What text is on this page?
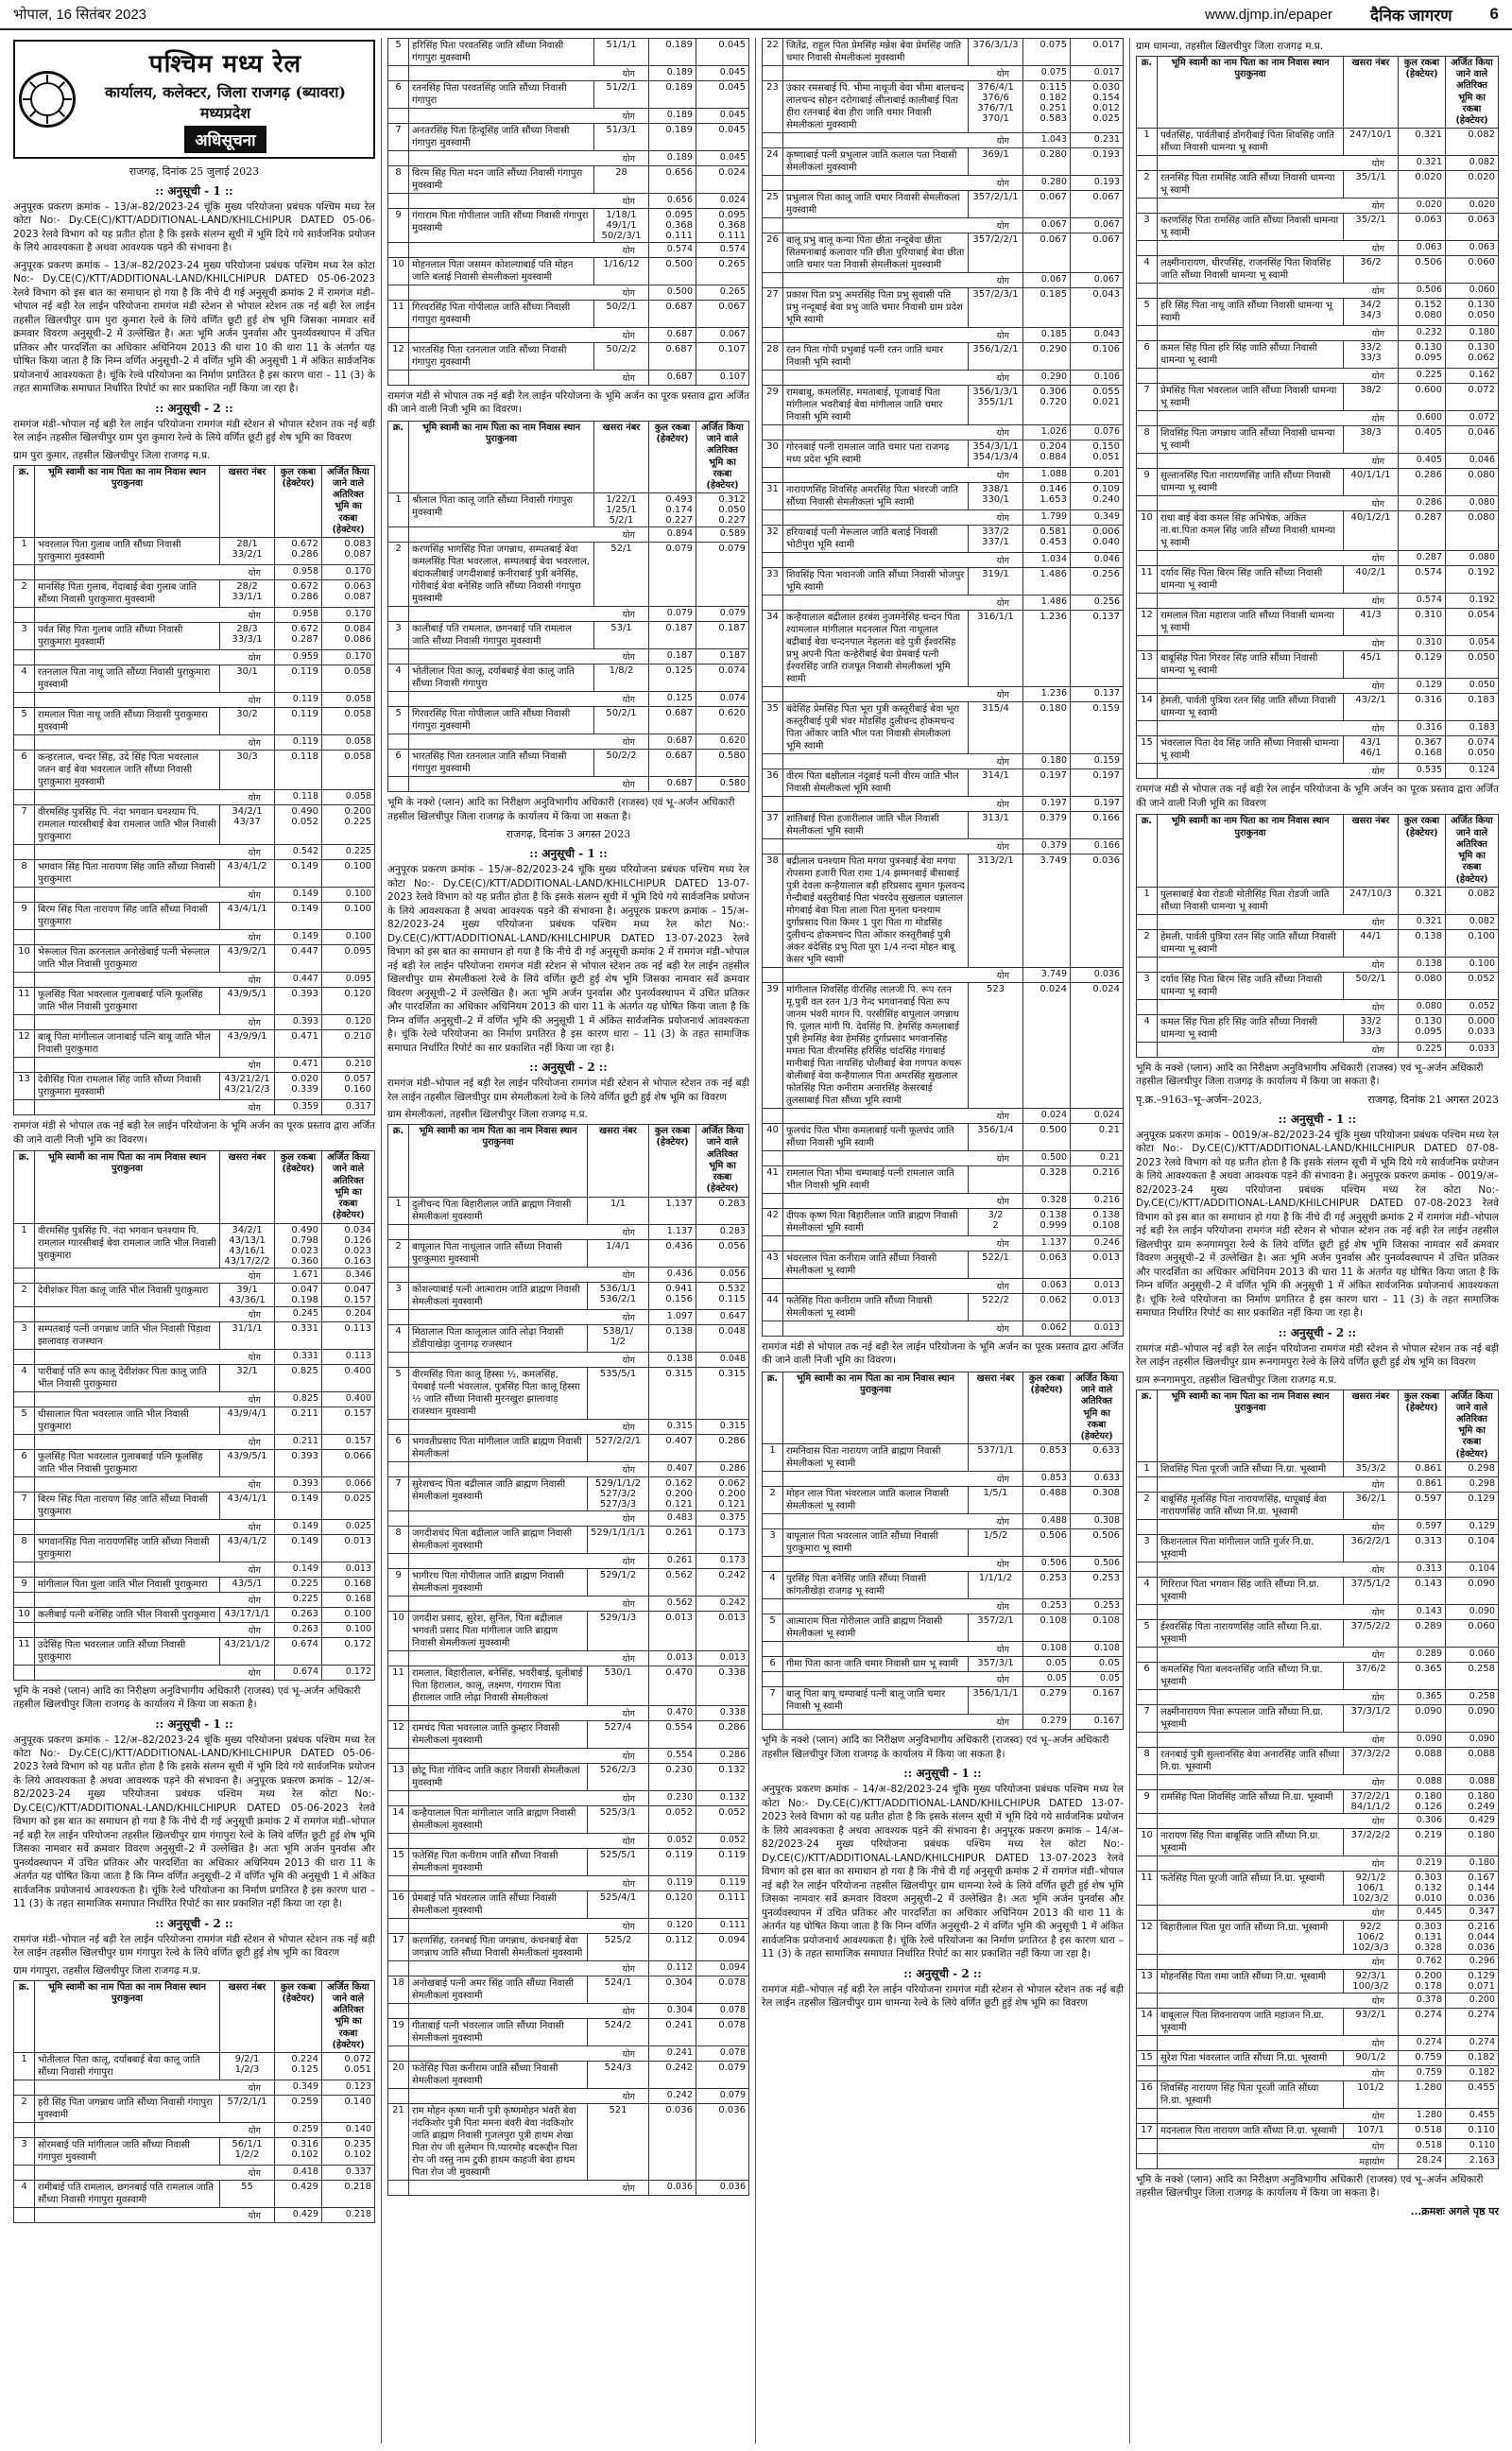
भोपाल, 16 सितंबर 2023	www.djmp.in/epaper दैनिक जागरण 6
पश्चिम मध्य रेल
कार्यालय, कलेक्टर, जिला राजगढ़ (ब्यावरा) मध्यप्रदेश
अधिसूचना
राजगढ़, दिनांक 25 जुलाई 2023
:: अनुसूची - 1 ::

अनुपूरक प्रकरण क्रमांक – 13/अ–82/2023-24 चूंकि मुख्य परियोजना प्रबंधक पश्चिम मध्य रेल कोटा No:- Dy.CE(C)/KTT/ADDITIONAL-LAND/KHILCHIPUR DATED 05-06-2023 रेलवे विभाग को यह प्रतीत होता है कि इसके संलग्न सूची में भूमि दिये गये सार्वजनिक प्रयोजन के लिये आवश्यकता है अथवा आवश्यक पड़ने की संभावना है।

अनुपूरक प्रकरण क्रमांक – 13/अ–82/2023-24 मुख्य परियोजना प्रबंधक पश्चिम मध्य रेल कोटा No:- Dy.CE(C)/KTT/ADDITIONAL-LAND/KHILCHIPUR DATED 05-06-2023 रेलवे विभाग को इस बात का समाधान हो गया है कि नीचे दी गई अनुसूची क्रमांक 2 में रामगंज मंडी–भोपाल नई बड़ी रेल लाईन परियोजना रामगंज मंडी स्टेशन से भोपाल स्टेशन तक नई बड़ी रेल लाईन तहसील खिलचीपुर ग्राम पुरा कुमारा रेल्वे के लिये वर्णित छूटी हुई शेष भूमि जिसका नामवार सर्वे क्रमवार विवरण अनुसूची–2 में उल्लेखित है। अतः भूमि अर्जन पुनर्वास और पुनर्व्यवस्थापन में उचित प्रतिकर और पारदर्शिता का अधिकार अधिनियम 2013 की धारा 10 की धारा 11 के अंतर्गत यह घोषित किया जाता है कि निम्न वर्णित अनुसूची–2 में वर्णित भूमि की अनुसूची 1 में अंकित सार्वजनिक प्रयोजनार्थ आवश्यकता है। चूंकि रेल्वे परियोजना का निर्माण प्रगतिरत है इस कारण धारा – 11 (3) के तहत सामाजिक समाघात निर्धारित रिपोर्ट का सार प्रकाशित नहीं किया जा रहा है।

:: अनुसूची - 2 ::

रामगंज मंडी–भोपाल नई बड़ी रेल लाईन परियोजना रामगंज मंडी स्टेशन से भोपाल स्टेशन तक नई बड़ी रेल लाईन तहसील खिलचीपुर ग्राम पुरा कुमारा रेल्वे के लिये वर्णित छूटी हुई शेष भूमि का विवरण

ग्राम पुरा कुमार, तहसील खिलचीपुर जिला राजगढ़ म.प्र.
क्र.	भूमि स्वामी का नाम पिता का नाम निवास स्थान पुराकुनवा	खसरा नंबर	कुल रकबा (हेक्टेयर)	अर्जित किया जाने वाले अतिरिक्त भूमि का रकबा (हेक्टेयर)
1	भवरलाल पिता गुलाब जाति सौंध्या निवासी पुराकुमारा मुवस्वामी	28/1
33/2/1	0.672
0.286	0.083
0.087
	योग		0.958	0.170
2	मानसिंह पिता गुलाब, गेंदाबाई बेवा गुलाब जाति सौंध्या निवासी पुराकुमारा मुवस्वामी	28/2
33/1/1	0.672
0.286	0.063
0.087
	योग		0.958	0.170
3	पर्वत सिंह पिता गुलाब जाति सौंध्या निवासी पुराकुमारा मुवस्वामी	28/3
33/3/1	0.672
0.287	0.084
0.086
	योग		0.959	0.170
4	रतनलाल पिता नाथू जाति सौंध्या निवासी पुराकुमारा मुवस्वामी	30/1	0.119	0.058
	योग		0.119	0.058
5	रामलाल पिता नाथू जाति सौंध्या निवासी पुराकुमारा मुवस्वामी	30/2	0.119	0.058
	योग		0.119	0.058
6	कन्हरलाल, चन्दर सिंह, उदे सिंह पिता भवरलाल जतन बाई बेवा भवरलाल जाति सौंध्या निवासी पुराकुमारा मुवस्वामी	30/3	0.118	0.058
	योग		0.118	0.058
7	वीरमसिंह पुत्रसिंह पि. नंदा भगवान घनश्याम पि. रामलाल ग्यारसीबाई बेवा रामलाल जाति भील निवासी पुराकुमारा	34/2/1
43/37	0.490
0.052	0.200
0.225
	योग		0.542	0.225
8	भगवान सिंह पिता नारायण सिंह जाति सौंध्या निवासी पुराकुमारा	43/4/1/2	0.149	0.100
	योग		0.149	0.100
9	बिरम सिंह पिता नारायण सिंह जाति सौंध्या निवासी पुराकुमारा	43/4/1/1	0.149	0.100
	योग		0.149	0.100
10	भेरूलाल पिता करनलाल अनोखेबाई पत्नी भेरूलाल जाति भील निवासी पुराकुमारा	43/9/2/1	0.447	0.095
	योग		0.447	0.095
11	फूलसिंह पिता भवरलाल गुलाबबाई पत्नि फूलसिंह जाति भील निवासी पुराकुमारा	43/9/5/1	0.393	0.120
	योग		0.393	0.120
12	बाबू पिता मांगीलाल जानाबाई पत्नि बाबू जाति भील निवासी पुराकुमारा	43/9/9/1	0.471	0.210
	योग		0.471	0.210
13	देवीसिंह पिता रामलाल सिंह जाति सौंध्या निवासी पुराकुमारा मुवस्वामी	43/21/2/1
43/21/2/3	0.020
0.339	0.057
0.160
	योग		0.359	0.317

रामगंज मंडी से भोपाल तक नई बड़ी रेल लाईन परियोजना के भूमि अर्जन का पूरक प्रस्ताव द्वारा अर्जित की जाने वाली निजी भूमि का विवरण।

क्र.	भूमि स्वामी का नाम पिता का नाम निवास स्थान पुराकुनवा	खसरा नंबर	कुल रकबा (हेक्टेयर)	अर्जित किया जाने वाले अतिरिक्त भूमि का रकबा (हेक्टेयर)
1	वीरमसिंह पुत्रसिंह पि. नंदा भगवान घनश्याम पि. रामलाल ग्यारसीबाई बेवा रामलाल जाति भील निवासी पुराकुमारा	34/2/1
43/13/1
43/16/1
43/17/2/2	0.490
0.798
0.023
0.360	0.034
0.126
0.023
0.163
	योग		1.671	0.346
2	देवीशंकर पिता कालू जाति भील निवासी पुराकुमारा	39/1
43/36/1	0.047
0.198	0.047
0.157
	योग		0.245	0.204
3	सम्पतबाई पत्नी जगन्नाथ जाति भील निवासी पिड़ावा झालावाड़ राजस्थान	31/1/1	0.331	0.113
	योग		0.331	0.113
4	पारीबाई पति रूप कालू देवीशंकर पिता कालू जाति भील निवासी पुराकुमारा	32/1	0.825	0.400
	योग		0.825	0.400
5	धीसालाल पिता भवरलाल जाति भील निवासी पुराकुमारा	43/9/4/1	0.211	0.157
	योग		0.211	0.157
6	फूलसिंह पिता भवरलाल गुलाबबाई पत्नि फूलसिंह जाति भील निवासी पुराकुमारा	43/9/5/1	0.393	0.066
	योग		0.393	0.066
7	बिरम सिंह पिता नारायण सिंह जाति सौंध्या निवासी पुराकुमारा	43/4/1/1	0.149	0.025
	योग		0.149	0.025
8	भगवानसिंह पिता नारायणसिंह जाति सौंध्या निवासी पुराकुमारा	43/4/1/2	0.149	0.013
	योग		0.149	0.013
9	मांगीलाल पिता घुला जाति भील निवासी पुराकुमारा	43/5/1	0.225	0.168
	योग		0.225	0.168
10	कलीबाई पत्नी बनेसिंह जाति भील निवासी पुराकुमारा	43/17/1/1	0.263	0.100
	योग		0.263	0.100
11	उदेसिंह पिता भवरलाल जाति सौंध्या निवासी पुराकुमारा	43/21/1/2	0.674	0.172
	योग		0.674	0.172

भूमि के नक्शे (प्लान) आदि का निरीक्षण अनुविभागीय अधिकारी (राजस्व) एवं भू–अर्जन अधिकारी तहसील खिलचीपुर जिला राजगढ़ के कार्यालय में किया जा सकता है।

:: अनुसूची - 1 ::

अनुपूरक प्रकरण क्रमांक – 12/अ–82/2023-24 चूंकि मुख्य परियोजना प्रबंधक पश्चिम मध्य रेल कोटा No:- Dy.CE(C)/KTT/ADDITIONAL-LAND/KHILCHIPUR DATED 05-06-2023 रेलवे विभाग को यह प्रतीत होता है कि इसके संलग्न सूची में भूमि दिये गये सार्वजनिक प्रयोजन के लिये आवश्यकता है अथवा आवश्यक पड़ने की संभावना है। अनुपूरक प्रकरण क्रमांक – 12/अ–82/2023-24 मुख्य परियोजना प्रबंधक पश्चिम मध्य रेल कोटा No:- Dy.CE(C)/KTT/ADDITIONAL-LAND/KHILCHIPUR DATED 05-06-2023 रेलवे विभाग को इस बात का समाधान हो गया है कि नीचे दी गई अनुसूची क्रमांक 2 में रामगंज मंडी–भोपाल नई बड़ी रेल लाईन परियोजना तहसील खिलचीपुर ग्राम गंगापुरा रेल्वे के लिये वर्णित छूटी हुई शेष भूमि जिसका नामवार सर्वे क्रमवार विवरण अनुसूची–2 में उल्लेखित है। अतः भूमि अर्जन पुनर्वास और पुनर्व्यवस्थापन में उचित प्रतिकर और पारदर्शिता का अधिकार अधिनियम 2013 की धारा 11 के अंतर्गत यह घोषित किया जाता है कि निम्न वर्णित अनुसूची–2 में वर्णित भूमि की अनुसूची 1 में अंकित सार्वजनिक प्रयोजनार्थ आवश्यकता है। चूंकि रेल्वे परियोजना का निर्माण प्रगतिरत है इस कारण धारा – 11 (3) के तहत सामाजिक समाघात निर्धारित रिपोर्ट का सार प्रकाशित नहीं किया जा रहा है।

:: अनुसूची - 2 ::

रामगंज मंडी–भोपाल नई बड़ी रेल लाईन परियोजना रामगंज मंडी स्टेशन से भोपाल स्टेशन तक नई बड़ी रेल लाईन तहसील खिलचीपुर ग्राम गंगापुरा रेल्वे के लिये वर्णित छूटी हुई शेष भूमि का विवरण

ग्राम गंगापुरा, तहसील खिलचीपुर जिला राजगढ़ म.प्र.
क्र.	भूमि स्वामी का नाम पिता का नाम निवास स्थान पुराकुनवा	खसरा नंबर	कुल रकबा (हेक्टेयर)	अर्जित किया जाने वाले अतिरिक्त भूमि का रकबा (हेक्टेयर)
1	भोतीलाल पिता कालू, दर्याबबाई बेवा कालू जाति सौंध्या निवासी गंगापुरा	9/2/1
1/2/3	0.224
0.125	0.072
0.051
	योग		0.349	0.123
2	हरी सिंह पिता जगन्नाथ जाति सौंध्या निवासी गंगापुरा मुवस्वामी	57/2/1/1	0.259	0.140
	योग		0.259	0.140
3	सोरमबाई पति मांगीलाल जाति सौंध्या निवासी गंगापुरा मुवस्वामी	56/1/1
1/2/2	0.316
0.102	0.235
0.102
	योग		0.418	0.337
4	रामीबाई पति रामलाल, छगनबाई पति रामलाल जाति सौंध्या निवासी गंगापुरा मुवस्वामी	55	0.429	0.218
	योग		0.429	0.218
5	हरिसिंह पिता परवतसिंह जाति सौंध्या निवासी गंगापुरा मुवस्वामी	51/1/1	0.189	0.045
	योग		0.189	0.045
6	रतनसिंह पिता परवतसिंह जाति सौंध्या निवासी गंगापुरा	51/2/1	0.189	0.045
	योग		0.189	0.045
7	अनतरसिंह पिता हिन्दूसिंह जाति सौंध्या निवासी गंगापुरा मुवस्वामी	51/3/1	0.189	0.045
	योग		0.189	0.045
8	विरम सिंह पिता मदन जाति सौंध्या निवासी गंगापुरा मुवस्वामी	28	0.656	0.024
	योग		0.656	0.024
9	गंगाराम पिता गोपीलाल जाति सौंध्या निवासी गंगापुरा मुवस्वामी	1/18/1
49/1/1
50/2/3/1	0.095
0.368
0.111	0.095
0.368
0.111
	योग		0.574	0.574
10	मोहनलाल पिता जसमन कोशल्याबाई पति मोहन जाति बलाई निवासी सेमलीकलां मुवस्वामी	1/16/12	0.500	0.265
	योग		0.500	0.265
11	गिरवरसिंह पिता गोपीलाल जाति सौंध्या निवासी गंगापुरा मुवस्वामी	50/2/1	0.687	0.067
	योग		0.687	0.067
12	भारतसिंह पिता रतनलाल जाति सौंध्या निवासी गंगापुरा मुवस्वामी	50/2/2	0.687	0.107
	योग		0.687	0.107

रामगंज मंडी से भोपाल तक नई बड़ी रेल लाईन परियोजना के भूमि अर्जन का पूरक प्रस्ताव द्वारा अर्जित की जाने वाली निजी भूमि का विवरण।

क्र.	भूमि स्वामी का नाम पिता का नाम निवास स्थान पुराकुनवा	खसरा नंबर	कुल रकबा (हेक्टेयर)	अर्जित किया जाने वाले अतिरिक्त भूमि का रकबा (हेक्टेयर)
1	श्रीलाल पिता कालू जाति सौंध्या निवासी गंगापुरा मुवस्वामी	1/22/1
1/25/1
5/2/1	0.493
0.174
0.227	0.312
0.050
0.227
	योग		0.894	0.589
2	करणसिंह भागसिंह पिता जगन्नाथ, सम्पतबाई बेवा कमलसिंह पिता भवरलाल, सम्पतबाई बेवा भवरलाल, बंदाकलीबाई जगदीशबाई कनीराबाई पुत्री बनेसिंह, गोरीबाई बेवा बनेसिंह जाति सौंध्या निवासी गंगापुरा मुवस्वामी	52/1	0.079	0.079
	योग		0.079	0.079
3	कालीबाई पति रामलाल, छगनबाई पति रामलाल जाति सौंध्या निवासी गंगापुरा मुवस्वामी	53/1	0.187	0.187
	योग		0.187	0.187
4	भोतीलाल पिता कालू, दर्याबबाई बेवा कालू जाति सौंध्या निवासी गंगापुरा	1/8/2	0.125	0.074
	योग		0.125	0.074
5	गिरवरसिंह पिता गोपीलाल जाति सौंध्या निवासी गंगापुरा मुवस्वामी	50/2/1	0.687	0.620
	योग		0.687	0.620
6	भारतसिंह पिता रतनलाल जाति सौंध्या निवासी गंगापुरा मुवस्वामी	50/2/2	0.687	0.580
	योग		0.687	0.580

भूमि के नक्शे (प्लान) आदि का निरीक्षण अनुविभागीय अधिकारी (राजस्व) एवं भू–अर्जन अधिकारी तहसील खिलचीपुर जिला राजगढ़ के कार्यालय में किया जा सकता है।

राजगढ़, दिनांक 3 अगस्त 2023
:: अनुसूची - 1 ::

अनुपूरक प्रकरण क्रमांक – 15/अ–82/2023-24 चूंकि मुख्य परियोजना प्रबंधक पश्चिम मध्य रेल कोटा No:- Dy.CE(C)/KTT/ADDITIONAL-LAND/KHILCHIPUR DATED 13-07-2023 रेलवे विभाग को यह प्रतीत होता है कि इसके संलग्न सूची में भूमि दिये गये सार्वजनिक प्रयोजन के लिये आवश्यकता है अथवा आवश्यक पड़ने की संभावना है। अनुपूरक प्रकरण क्रमांक – 15/अ–82/2023-24 मुख्य परियोजना प्रबंधक पश्चिम मध्य रेल कोटा No:- Dy.CE(C)/KTT/ADDITIONAL-LAND/KHILCHIPUR DATED 13-07-2023 रेलवे विभाग को इस बात का समाधान हो गया है कि नीचे दी गई अनुसूची क्रमांक 2 में रामगंज मंडी–भोपाल नई बड़ी रेल लाईन परियोजना रामगंज मंडी स्टेशन से भोपाल स्टेशन तक नई बड़ी रेल लाईन तहसील खिलचीपुर ग्राम सेमलीकलां रेल्वे के लिये वर्णित छूटी हुई शेष भूमि जिसका नामवार सर्वे क्रमवार विवरण अनुसूची–2 में उल्लेखित है। अतः भूमि अर्जन पुनर्वास और पुनर्व्यवस्थापन में उचित प्रतिकर और पारदर्शिता का अधिकार अधिनियम 2013 की धारा 11 के अंतर्गत यह घोषित किया जाता है कि निम्न वर्णित अनुसूची–2 में वर्णित भूमि की अनुसूची 1 में अंकित सार्वजनिक प्रयोजनार्थ आवश्यकता है। चूंकि रेल्वे परियोजना का निर्माण प्रगतिरत है इस कारण धारा – 11 (3) के तहत सामाजिक समाघात निर्धारित रिपोर्ट का सार प्रकाशित नहीं किया जा रहा है।

:: अनुसूची - 2 ::

रामगंज मंडी–भोपाल नई बड़ी रेल लाईन परियोजना रामगंज मंडी स्टेशन से भोपाल स्टेशन तक नई बड़ी रेल लाईन तहसील खिलचीपुर ग्राम सेमलीकलां रेल्वे के लिये वर्णित छूटी हुई शेष भूमि का विवरण

ग्राम सेमलीकलां, तहसील खिलचीपुर जिला राजगढ़ म.प्र.
क्र.	भूमि स्वामी का नाम पिता का नाम निवास स्थान पुराकुनवा	खसरा नंबर	कुल रकबा (हेक्टेयर)	अर्जित किया जाने वाले अतिरिक्त भूमि का रकबा (हेक्टेयर)
1	दुलीचन्द पिता बिहारीलाल जाति ब्राह्मण निवासी सेमलीकलां मुवस्वामी	1/1	1.137	0.283
	योग		1.137	0.283
2	बापूलाल पिता नाथूलाल जाति सौंध्या निवासी पुराकुमारा मुवस्वामी	1/4/1	0.436	0.056
	योग		0.436	0.056
3	कोशल्याबाई पत्नी आत्माराम जाति ब्राह्मण निवासी सेमलीकलां मुवस्वामी	536/1/1
536/2/1	0.941
0.156	0.532
0.115
	योग		1.097	0.647
4	मिठालाल पिता कालूलाल जाति लोढ़ा निवासी डोंडीयाखेड़ा जुनागढ़ राजस्थान	538/1/
1/2	0.138	0.048
	योग		0.138	0.048
5	वीरमसिंह पिता कालू हिस्सा ½, कमलसिंह, पेमबाई पत्नी भंवरलाल, पुत्रसिंह पिता कालू हिस्सा ½ जाति सौंध्या निवासी मुरनखुरा झालावाड़ राजस्थान मुवस्वामी	535/5/1	0.315	0.315
	योग		0.315	0.315
6	भगवतीप्रसाद पिता मांगीलाल जाति ब्राह्मण निवासी सेमलीकलां	527/2/2/1	0.407	0.286
	योग		0.407	0.286
7	सुरेशचन्द पिता बद्रीलाल जाति ब्राह्मण निवासी सेमलीकलां मुवस्वामी	529/1/1/2
527/3/2
527/3/3	0.162
0.200
0.121	0.062
0.200
0.121
	योग		0.483	0.375
8	जगदीशचंद पिता बद्रीलाल जाति ब्राह्मण निवासी सेमलीकलां मुवस्वामी	529/1/1/1/1	0.261	0.173
	योग		0.261	0.173
9	भागीरथ पिता गोपीलाल जाति ब्राह्मण निवासी सेमलीकलां मुवस्वामी	529/1/2	0.562	0.242
	योग		0.562	0.242
10	जगदीश प्रसाद, सुरेश, सुनिल, पिता बद्रीलाल भगवती प्रसाद पिता मांगीलाल जाति ब्राह्मण निवासी सेमलीकलां मुवस्वामी	529/1/3	0.013	0.013
	योग		0.013	0.013
11	रामलाल, बिहारीलाल, बनेसिंह, भवरीबाई, धूलीबाई पिता हिरालाल, कालू, लक्ष्मण, गंगाराम पिता हीरालाल जाति लोढ़ा निवासी सेमलीकलां	530/1	0.470	0.338
	योग		0.470	0.338
12	रामचंद पिता भवरलाल जाति कुम्हार निवासी सेमलीकलां मुवस्वामी	527/4	0.554	0.286
	योग		0.554	0.286
13	छोटू पिता गोविन्द जाति कहार निवासी सेमलीकलां मुवस्वामी	526/2/3	0.230	0.132
	योग		0.230	0.132
14	कन्हैयालाल पिता मांगीलाल जाति ब्राह्मण निवासी सेमलीकलां मुवस्वामी	525/3/1	0.052	0.052
	योग		0.052	0.052
15	फतेसिंह पिता कनीराम जाति सौंध्या निवासी सेमलीकलां मुवस्वामी	525/5/1	0.119	0.119
	योग		0.119	0.119
16	प्रेमबाई पति भंवरलाल जाति सौंध्या निवासी सेमलीकलां मुवस्वामी	525/4/1	0.120	0.111
	योग		0.120	0.111
17	करणसिंह, रतनबाई पिता जगन्नाथ, कंचनबाई बेवा जगन्नाथ जाति सौंध्या निवासी सेमलीकलां मुवस्वामी	525/2	0.112	0.094
	योग		0.112	0.094
18	अनोखबाई पत्नी अमर सिंह जाति सौंध्या निवासी सेमलीकलां मुवस्वामी	524/1	0.304	0.078
	योग		0.304	0.078
19	गीताबाई पत्नी भंवरलाल जाति सौंध्या निवासी सेमलीकलां मुवस्वामी	524/2	0.241	0.078
	योग		0.241	0.078
20	फतेसिंह पिता कनीराम जाति सौंध्या निवासी सेमलीकलां मुवस्वामी	524/3	0.242	0.079
	योग		0.242	0.079
21	राम मोहन कृष्ण मानी पुत्री कृष्णमोहन भंवरी बेवा नंदकिशोर पुत्री पिता ममना बंवरी बेवा नंदकिशोर जाति ब्राह्मण निवासी गुजलपुरा पुत्री हाथम शेखा पिता रोप जी सुलेमान पि.प्यारमोह बदरूद्दीन पिता रोप जी वस्तु नाम टुकी हाथम काहजी बेवा हाथम पिता रोज जी मुवस्वामी	521	0.036	0.036
	योग		0.036	0.036
22	जितेंद्र, राहुल पिता प्रेमसिंह मन्नेश बेवा प्रेमसिंह जाति चमार निवासी सेमलीकलां मुवस्वामी	376/3/1/3	0.075	0.017
	योग		0.075	0.017
23	उंकार रमसबाई पि. भीमा नाथूजी बेवा भीमा बालचन्द लालचन्द सोहन दरोगाबाई लीलाबाई कालीबाई पिता हीरा रतनबाई बेवा हीरा जाति चमार निवासी सेमलीकलां मुवस्वामी	376/4/1
376/6
376/7/1
370/1	0.115
0.182
0.251
0.583	0.030
0.154
0.012
0.025
	योग		1.043	0.231
24	कृष्णाबाई पत्नी प्रभुलाल जाति कलाल पता निवासी सेमलीकलां मुवस्वामी	369/1	0.280	0.193
	योग		0.280	0.193
25	प्रभुलाल पिता कालू जाति चमार निवासी सेमलीकलां मुवस्वामी	357/2/1/1	0.067	0.067
	योग		0.067	0.067
26	बालू प्रभु बालू कन्या पिता छीता नन्दूबेवा छीता सितमनाबाई कलावार पति छीता पुरियाबाई बेवा छीता जाति चमार पता निवासी सेमलीकलां मुवस्वामी	357/2/2/1	0.067	0.067
	योग		0.067	0.067
27	प्रकाश पिता प्रभु अमरसिंह पिता प्रभु सुवासी पति प्रभु नन्दूबाई बेवा प्रभु जाति चमार निवासी ग्राम प्रदेश भूमि स्वामी	357/2/3/1	0.185	0.043
	योग		0.185	0.043
28	रतन पिता गोपी प्रभुबाई पत्नी रतन जाति चमार निवासी भूमि स्वामी	356/1/2/1	0.290	0.106
	योग		0.290	0.106
29	रामबाबू, कमलसिंह, ममताबाई, पूजाबाई पिता मांगीलाल भवरीबाई बेवा मांगीलाल जाति चमार निवासी भूमि स्वामी	356/1/3/1
355/1/1	0.306
0.720	0.055
0.021
	योग		1.026	0.076
30	गोरनबाई पत्नी रामलाल जाति चमार पता राजगढ़ मध्य प्रदेश भूमि स्वामी	354/3/1/1
354/1/3/4	0.204
0.884	0.150
0.051
	योग		1.088	0.201
31	नारायणसिंह शिवसिंह अमरसिंह पिता भंवरजी जाति सौंध्या निवासी सेमलीकलां भूमि स्वामी	338/1
330/1	0.146
1.653	0.109
0.240
	योग		1.799	0.349
32	हरियाबाई पत्नी मेरूलाल जाति बलाई निवासी भोटीपुरा भूमि स्वामी	337/2
337/1	0.581
0.453	0.006
0.040
	योग		1.034	0.046
33	शिवसिंह पिता भवानजी जाति सौंध्या निवासी भोजपुर भूमि स्वामी	319/1	1.486	0.256
	योग		1.486	0.256
34	कन्हैयालाल बद्रीलाल हरबंश नुजमनेसिंह चन्दन पिता श्यामलाल मांगीलाल मदनलाल पिता नाथूलाल बद्रीबाई बेवा चन्दनपाल नेहलता बड़े पुत्री ईश्वरसिंह प्रभु अपनी पिता कन्हेरीबाई बेवा प्रेमबाई पत्नी ईश्वरसिंह जाति राजपूत निवासी सेमलीकलां भूमि स्वामी	316/1/1	1.236	0.137
	योग		1.236	0.137
35	बंदेसिंह प्रेमसिंह पिता भूरा पुत्री कस्तूरीबाई बेवा भूरा कस्तूरीबाई पुत्री भंवर मोडसिंह दुलीचन्द होकमचन्द पिता ओंकार जाति भील पता निवासी सेमलीकलां भूमि स्वामी	315/4	0.180	0.159
	योग		0.180	0.159
36	वीरम पिता बक्षीलाल नंदूबाई पत्नी वीरम जाति भील निवासी सेमलीकलां भूमि स्वामी	314/1	0.197	0.197
	योग		0.197	0.197
37	शांतिबाई पिता हजारीलाल जाति भील निवासी सेमलीकलां भूमि स्वामी	313/1	0.379	0.166
	योग		0.379	0.166
38	बद्रीलाल घनश्याम पिता मगया पुत्रनबाई बेवा मगया रोपसमा हजारी पिता रामा 1/4 झम्मनबाई बीसाबाई पुत्री देवला कन्हैयालाल बड़ी हरिप्रसाद सुमान फूलवन्द गेन्दीबाई बस्तुरीबाई पिता भंवरदेव सुखलाल धन्नालाल मोगबाई बेवा पिता लाला पिता मुनला घनश्याम दुर्गाप्रसाद पिता किमर 1 पुरा पिता गा मोडसिंह दुलीचन्द होकमचन्द पिता ओंकार कस्तूरीबाई पुत्री अंकर बंदेसिंह प्रभु पिता पूरा 1/4 नन्दा मोहन बाबू केसर भूमि स्वामी	313/2/1	3.749	0.036
	योग		3.749	0.036
39	मांगीलाल शिवसिंह वीरसिंह लालजी पि. रूप रतन मू.पुत्री वल रतन 1/3 गेन्द भगवानबाई पिता रूप जानम भंवरी मागन पि. परसीसिंह बापूलाल जगन्नाथ पि. पूलाल मांगी पि. देवसिंह पि. हेमसिंह कमलाबाई पुत्री हेमसिंह बेवा हेमसिंह दुर्गाप्रसाद भगवानसिंह ममता पिता वीरमसिंह हरिसिंह चांदसिंह गंगाबाई मानीबाई पिता नायसिंह धोलीबाई बेवा गणपत कचरू बोलीबाई बेवा कन्हैयालाल पिता अमरसिंह सुखलाल फोतसिंह पिता कनीराम अनारसिंह केसरबाई तुलसाबाई पिता सौंध्या भूमि स्वामी	523	0.024	0.024
	योग		0.024	0.024
40	फूलचंद पिता भीमा कमलाबाई पत्नी फूलचंद जाति सौंध्या निवासी भूमि स्वामी	356/1/4	0.500	0.21
	योग		0.500	0.21
41	रामलाल पिता भीमा चम्पाबाई पत्नी रामलाल जाति भील निवासी भूमि स्वामी		0.328	0.216
	योग		0.328	0.216
42	दीपक कृष्ण पिता बिहारीलाल जाति ब्राह्मण निवासी सेमलीकलां भूमि स्वामी	3/2
2	0.138
0.999	0.138
0.108
	योग		1.137	0.246
43	भंवरलाल पिता कनीराम जाति सौंध्या निवासी सेमलीकलां भू स्वामी	522/1	0.063	0.013
	योग		0.063	0.013
44	फतेसिंह पिता कनीराम जाति सौंध्या निवासी सेमलीकलां भू स्वामी	522/2	0.062	0.013
	योग		0.062	0.013

रामगंज मंडी से भोपाल तक नई बड़ी रेल लाईन परियोजना के भूमि अर्जन का पूरक प्रस्ताव द्वारा अर्जित की जाने वाली निजी भूमि का विवरण।

क्र.	भूमि स्वामी का नाम पिता का नाम निवास स्थान पुराकुनवा	खसरा नंबर	कुल रकबा (हेक्टेयर)	अर्जित किया जाने वाले अतिरिक्त भूमि का रकबा (हेक्टेयर)
1	रामनिवास पिता नारायण जाति ब्राह्मण निवासी सेमलीकलां भू स्वामी	537/1/1	0.853	0.633
	योग		0.853	0.633
2	मोहन लाल पिता भंवरलाल जाति कलाल निवासी सेमलीकलां भू स्वामी	1/5/1	0.488	0.308
	योग		0.488	0.308
3	बापूलाल पिता भवरलाल जाति सौंध्या निवासी पुराकुमारा भू स्वामी	1/5/2	0.506	0.506
	योग		0.506	0.506
4	पुरसिंह पिता बनेसिंह जाति सौंध्या निवासी कांगलीखेड़ा राजगढ़ भू स्वामी	1/1/1/2	0.253	0.253
	योग		0.253	0.253
5	आत्माराम पिता गोरीलाल जाति ब्राह्मण निवासी सेमलीकलां भू स्वामी	357/2/1	0.108	0.108
	योग		0.108	0.108
6	गीमा पिता काना जाति चमार निवासी ग्राम भू स्वामी	357/3/1	0.05	0.05
	योग		0.05	0.05
7	बालू पिता बापू चम्पाबाई पत्नी बालू जाति चमार निवासी भू स्वामी	356/1/1/1	0.279	0.167
	योग		0.279	0.167

भूमि के नक्शे (प्लान) आदि का निरीक्षण अनुविभागीय अधिकारी (राजस्व) एवं भू–अर्जन अधिकारी तहसील खिलचीपुर जिला राजगढ़ के कार्यालय में किया जा सकता है।

:: अनुसूची - 1 ::

अनुपूरक प्रकरण क्रमांक – 14/अ–82/2023-24 चूंकि मुख्य परियोजना प्रबंधक पश्चिम मध्य रेल कोटा No:- Dy.CE(C)/KTT/ADDITIONAL-LAND/KHILCHIPUR DATED 13-07-2023 रेलवे विभाग को यह प्रतीत होता है कि इसके संलग्न सूची में भूमि दिये गये सार्वजनिक प्रयोजन के लिये आवश्यकता है अथवा आवश्यक पड़ने की संभावना है। अनुपूरक प्रकरण क्रमांक – 14/अ–82/2023-24 मुख्य परियोजना प्रबंधक पश्चिम मध्य रेल कोटा No:- Dy.CE(C)/KTT/ADDITIONAL-LAND/KHILCHIPUR DATED 13-07-2023 रेलवे विभाग को इस बात का समाधान हो गया है कि नीचे दी गई अनुसूची क्रमांक 2 में रामगंज मंडी–भोपाल नई बड़ी रेल लाईन परियोजना तहसील खिलचीपुर ग्राम धामन्या रेल्वे के लिये वर्णित छूटी हुई शेष भूमि जिसका नामवार सर्वे क्रमवार विवरण अनुसूची–2 में उल्लेखित है। अतः भूमि अर्जन पुनर्वास और पुनर्व्यवस्थापन में उचित प्रतिकर और पारदर्शिता का अधिकार अधिनियम 2013 की धारा 11 के अंतर्गत यह घोषित किया जाता है कि निम्न वर्णित अनुसूची–2 में वर्णित भूमि की अनुसूची 1 में अंकित सार्वजनिक प्रयोजनार्थ आवश्यकता है। चूंकि रेल्वे परियोजना का निर्माण प्रगतिरत है इस कारण धारा – 11 (3) के तहत सामाजिक समाघात निर्धारित रिपोर्ट का सार प्रकाशित नहीं किया जा रहा है।

:: अनुसूची - 2 ::

रामगंज मंडी–भोपाल नई बड़ी रेल लाईन परियोजना रामगंज मंडी स्टेशन से भोपाल स्टेशन तक नई बड़ी रेल लाईन तहसील खिलचीपुर ग्राम धामन्या रेल्वे के लिये वर्णित छूटी हुई शेष भूमि का विवरण

ग्राम धामन्या, तहसील खिलचीपुर जिला राजगढ़ म.प्र.
क्र.	भूमि स्वामी का नाम पिता का नाम निवास स्थान पुराकुनवा	खसरा नंबर	कुल रकबा (हेक्टेयर)	अर्जित किया जाने वाले अतिरिक्त भूमि का रकबा (हेक्टेयर)
1	पर्वतसिंह, पार्वतीबाई डोंगरीबाई पिता शिवसिंह जाति सौंध्या निवासी धामन्या भू स्वामी	247/10/1	0.321	0.082
	योग		0.321	0.082
2	रतनसिंह पिता रामसिंह जाति सौंध्या निवासी धामन्या भू स्वामी	35/1/1	0.020	0.020
	योग		0.020	0.020
3	करणसिंह पिता रामसिंह जाति सौंध्या निवासी धामन्या भू स्वामी	35/2/1	0.063	0.063
	योग		0.063	0.063
4	लक्ष्मीनारायण, धीरपसिंह, राजनसिंह पिता शिवसिंह जाति सौंध्या निवासी धामन्या भू स्वामी	36/2	0.506	0.060
	योग		0.506	0.060
5	हरि सिंह पिता नाथू जाति सौंध्या निवासी धामन्या भू स्वामी	34/2
34/3	0.152
0.080	0.130
0.050
	योग		0.232	0.180
6	कमल सिंह पिता हरि सिंह जाति सौंध्या निवासी धामन्या भू स्वामी	33/2
33/3	0.130
0.095	0.130
0.062
	योग		0.225	0.162
7	प्रेमसिंह पिता भंवरलाल जाति सौंध्या निवासी धामन्या भू स्वामी	38/2	0.600	0.072
	योग		0.600	0.072
8	शिवसिंह पिता जगन्नाथ जाति सौंध्या निवासी धामन्या भू स्वामी	38/3	0.405	0.046
	योग		0.405	0.046
9	सुल्तानसिंह पिता नारायणसिंह जाति सौंध्या निवासी धामन्या भू स्वामी	40/1/1/1	0.286	0.080
	योग		0.286	0.080
10	राधा बाई बेवा कमल सिंह अभिषेक, अंकित ना.बा.पिता कमल सिंह जाति सौंध्या निवासी धामन्या भू स्वामी	40/1/2/1	0.287	0.080
	योग		0.287	0.080
11	दर्याव सिंह पिता बिरम सिंह जाति सौंध्या निवासी धामन्या भू स्वामी	40/2/1	0.574	0.192
	योग		0.574	0.192
12	रामलाल पिता महाराज जाति सौंध्या निवासी धामन्या भू स्वामी	41/3	0.310	0.054
	योग		0.310	0.054
13	बाबूसिंह पिता गिरवर सिंह जाति सौंध्या निवासी धामन्या भू स्वामी	45/1	0.129	0.050
	योग		0.129	0.050
14	हेमली, पार्वती पुत्रिया रतन सिंह जाति सौंध्या निवासी धामन्या भू स्वामी	43/2/1	0.316	0.183
	योग		0.316	0.183
15	भंवरलाल पिता देव सिंह जाति सौंध्या निवासी धामन्या भू स्वामी	43/1
46/1	0.367
0.168	0.074
0.050
	योग		0.535	0.124

रामगंज मंडी से भोपाल तक नई बड़ी रेल लाईन परियोजना के भूमि अर्जन का पूरक प्रस्ताव द्वारा अर्जित की जाने वाली निजी भूमि का विवरण

क्र.	भूमि स्वामी का नाम पिता का नाम निवास स्थान पुराकुनवा	खसरा नंबर	कुल रकबा (हेक्टेयर)	अर्जित किया जाने वाले अतिरिक्त भूमि का रकबा (हेक्टेयर)
1	पुलसाबाई बेवा रोडजी मोतीसिंह पिता रोडजी जाति सौंध्या निवासी धामन्या भू स्वामी	247/10/3	0.321	0.082
	योग		0.321	0.082
2	हेमली, पार्वती पुत्रिया रतन सिंह जाति सौंध्या निवासी धामन्या भू स्वामी	44/1	0.138	0.100
	योग		0.138	0.100
3	दर्याव सिंह पिता बिरम सिंह जाति सौंध्या निवासी धामन्या भू स्वामी	50/2/1	0.080	0.052
	योग		0.080	0.052
4	कमल सिंह पिता हरि सिंह जाति सौंध्या निवासी धामन्या भू स्वामी	33/2
33/3	0.130
0.095	0.000
0.033
	योग		0.225	0.033

भूमि के नक्शे (प्लान) आदि का निरीक्षण अनुविभागीय अधिकारी (राजस्व) एवं भू–अर्जन अधिकारी तहसील खिलचीपुर जिला राजगढ़ के कार्यालय में किया जा सकता है।

पृ.क्र.–9163–भू–अर्जन–2023,	राजगढ़, दिनांक 21 अगस्त 2023
:: अनुसूची - 1 ::

अनुपूरक प्रकरण क्रमांक – 0019/अ–82/2023-24 चूंकि मुख्य परियोजना प्रबंधक पश्चिम मध्य रेल कोटा No:- Dy.CE(C)/KTT/ADDITIONAL-LAND/KHILCHIPUR DATED 07-08-2023 रेलवे विभाग को यह प्रतीत होता है कि इसके संलग्न सूची में भूमि दिये गये सार्वजनिक प्रयोजन के लिये आवश्यकता है अथवा आवश्यक पड़ने की संभावना है। अनुपूरक प्रकरण क्रमांक – 0019/अ–82/2023-24 मुख्य परियोजना प्रबंधक पश्चिम मध्य रेल कोटा No:- Dy.CE(C)/KTT/ADDITIONAL-LAND/KHILCHIPUR DATED 07-08-2023 रेलवे विभाग को इस बात का समाधान हो गया है कि नीचे दी गई अनुसूची क्रमांक 2 में रामगंज मंडी–भोपाल नई बड़ी रेल लाईन परियोजना रामगंज मंडी स्टेशन से भोपाल स्टेशन तक नई बड़ी रेल लाईन तहसील खिलचीपुर ग्राम रूनगामपुरा रेल्वे के लिये वर्णित छूटी हुई शेष भूमि जिसका नामवार सर्वे क्रमवार विवरण अनुसूची–2 में उल्लेखित है। अतः भूमि अर्जन पुनर्वास और पुनर्व्यवस्थापन में उचित प्रतिकर और पारदर्शिता का अधिकार अधिनियम 2013 की धारा 11 के अंतर्गत यह घोषित किया जाता है कि निम्न वर्णित अनुसूची–2 में वर्णित भूमि की अनुसूची 1 में अंकित सार्वजनिक प्रयोजनार्थ आवश्यकता है। चूंकि रेल्वे परियोजना का निर्माण प्रगतिरत है इस कारण धारा – 11 (3) के तहत सामाजिक समाघात निर्धारित रिपोर्ट का सार प्रकाशित नहीं किया जा रहा है।

:: अनुसूची - 2 ::

रामगंज मंडी–भोपाल नई बड़ी रेल लाईन परियोजना रामगंज मंडी स्टेशन से भोपाल स्टेशन तक नई बड़ी रेल लाईन तहसील खिलचीपुर ग्राम रूनगामपुरा रेल्वे के लिये वर्णित छूटी हुई शेष भूमि का विवरण

ग्राम रूनगामपुरा, तहसील खिलचीपुर जिला राजगढ़ म.प्र.
क्र.	भूमि स्वामी का नाम पिता का नाम निवास स्थान पुराकुनवा	खसरा नंबर	कुल रकबा (हेक्टेयर)	अर्जित किया जाने वाले अतिरिक्त भूमि का रकबा (हेक्टेयर)
1	शिवसिंह पिता पूरजी जाति सौंध्या नि.ग्रा. भूस्वामी	35/3/2	0.861	0.298
	योग		0.861	0.298
2	बाबूसिंह मूलसिंह पिता नारायणसिंह, धापूबाई बेवा नारायणसिंह जाति सौंध्या नि.ग्रा. भूस्वामी	36/2/1	0.597	0.129
	योग		0.597	0.129
3	किशनलाल पिता मांगीलाल जाति गुर्जर नि.ग्रा. भूस्वामी	36/2/2/1	0.313	0.104
	योग		0.313	0.104
4	गिरिराज पिता भगवान सिंह जाति सौंध्या नि.ग्रा. भूस्वामी	37/5/1/2	0.143	0.090
	योग		0.143	0.090
5	ईश्वरसिंह पिता नारायणसिंह जाति सौंध्या नि.ग्रा. भूस्वामी	37/5/2/2	0.289	0.060
	योग		0.289	0.060
6	कमलसिंह पिता बलवन्तसिंह जाति सौंध्या नि.ग्रा. भूस्वामी	37/6/2	0.365	0.258
	योग		0.365	0.258
7	लक्ष्मीनारायण पिता रूपलाल जाति सौंध्या नि.ग्रा. भूस्वामी	37/3/1/2	0.090	0.090
	योग		0.090	0.090
8	रतनबाई पुत्री सुल्तानसिंह बेवा अनारसिंह जाति सौंध्या नि.ग्रा. भूस्वामी	37/3/2/2	0.088	0.088
	योग		0.088	0.088
9	रामसिंह पिता शिवसिंह जाति सौंध्या नि.ग्रा. भूस्वामी	37/2/2/1
84/1/1/2	0.180
0.126	0.180
0.249
	योग		0.306	0.429
10	नारायण सिंह पिता बाबूसिंह जाति सौंध्या नि.ग्रा. भूस्वामी	37/2/2/2	0.219	0.180
	योग		0.219	0.180
11	फतेसिंह पिता पूरजी जाति सौंध्या नि.ग्रा. भूस्वामी	92/1/2
106/1
102/3/2	0.303
0.132
0.010	0.167
0.144
0.036
	योग		0.445	0.347
12	बिहारीलाल पिता पूरा जाति सौंध्या नि.ग्रा. भूस्वामी	92/2
106/2
102/3/3	0.303
0.131
0.328	0.216
0.044
0.036
	योग		0.762	0.296
13	मोहनसिंह पिता रामा जाति सौंध्या नि.ग्रा. भूस्वामी	92/3/1
100/3/2	0.200
0.178	0.129
0.071
	योग		0.378	0.200
14	बाबूलाल पिता शिवनारायण जाति महाजन नि.ग्रा. भूस्वामी	93/2/1	0.274	0.274
	योग		0.274	0.274
15	सुरेश पिता भंवरलाल जाति सौंध्या नि.ग्रा. भूस्वामी	90/1/2	0.759	0.182
	योग		0.759	0.182
16	शिवसिंह नारायण सिंह पिता पूरजी जाति सौंध्या नि.ग्रा. भूस्वामी	101/2	1.280	0.455
	योग		1.280	0.455
17	मदनलाल पिता नारायण जाति सौंध्या नि.ग्रा. भूस्वामी	107/1	0.518	0.110
	योग		0.518	0.110
	महायोग		28.24	2.163

भूमि के नक्शे (प्लान) आदि का निरीक्षण अनुविभागीय अधिकारी (राजस्व) एवं भू–अर्जन अधिकारी तहसील खिलचीपुर जिला राजगढ़ के कार्यालय में किया जा सकता है।

...क्रमशः अगले पृष्ठ पर
